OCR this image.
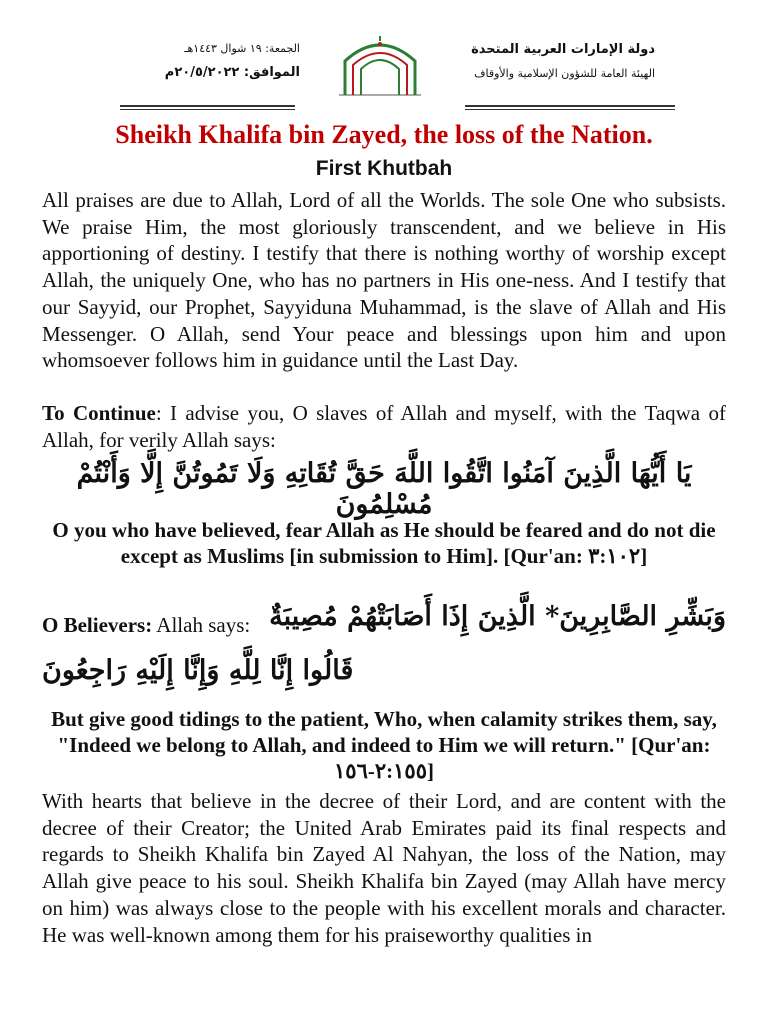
الجمعة: ١٩ شوال ١٤٤٣هـ
الموافق: ٢٠/٥/٢٠٢٢م
دولة الإمارات العربية المتحدة
الهيئة العامة للشؤون الإسلامية والأوقاف
Sheikh Khalifa bin Zayed, the loss of the Nation.
First Khutbah
All praises are due to Allah, Lord of all the Worlds. The sole One who subsists. We praise Him, the most gloriously transcendent, and we believe in His apportioning of destiny. I testify that there is nothing worthy of worship except Allah, the uniquely One, who has no partners in His one-ness. And I testify that our Sayyid, our Prophet, Sayyiduna Muhammad, is the slave of Allah and His Messenger. O Allah, send Your peace and blessings upon him and upon whomsoever follows him in guidance until the Last Day.
To Continue: I advise you, O slaves of Allah and myself, with the Taqwa of Allah, for verily Allah says:
يَا أَيُّهَا الَّذِينَ آمَنُوا اتَّقُوا اللَّهَ حَقَّ تُقَاتِهِ وَلَا تَمُوتُنَّ إِلَّا وَأَنْتُمْ مُسْلِمُونَ
O you who have believed, fear Allah as He should be feared and do not die except as Muslims [in submission to Him]. [Qur'an: ٣:١٠٢]
O Believers: Allah says: وَبَشِّرِ الصَّابِرِينَ* الَّذِينَ إِذَا أَصَابَتْهُمْ مُصِيبَةٌ
قَالُوا إِنَّا لِلَّهِ وَإِنَّا إِلَيْهِ رَاجِعُونَ
But give good tidings to the patient, Who, when calamity strikes them, say, "Indeed we belong to Allah, and indeed to Him we will return." [Qur'an: ٢:١٥٥-١٥٦]
With hearts that believe in the decree of their Lord, and are content with the decree of their Creator; the United Arab Emirates paid its final respects and regards to Sheikh Khalifa bin Zayed Al Nahyan, the loss of the Nation, may Allah give peace to his soul. Sheikh Khalifa bin Zayed (may Allah have mercy on him) was always close to the people with his excellent morals and character. He was well-known among them for his praiseworthy qualities in
